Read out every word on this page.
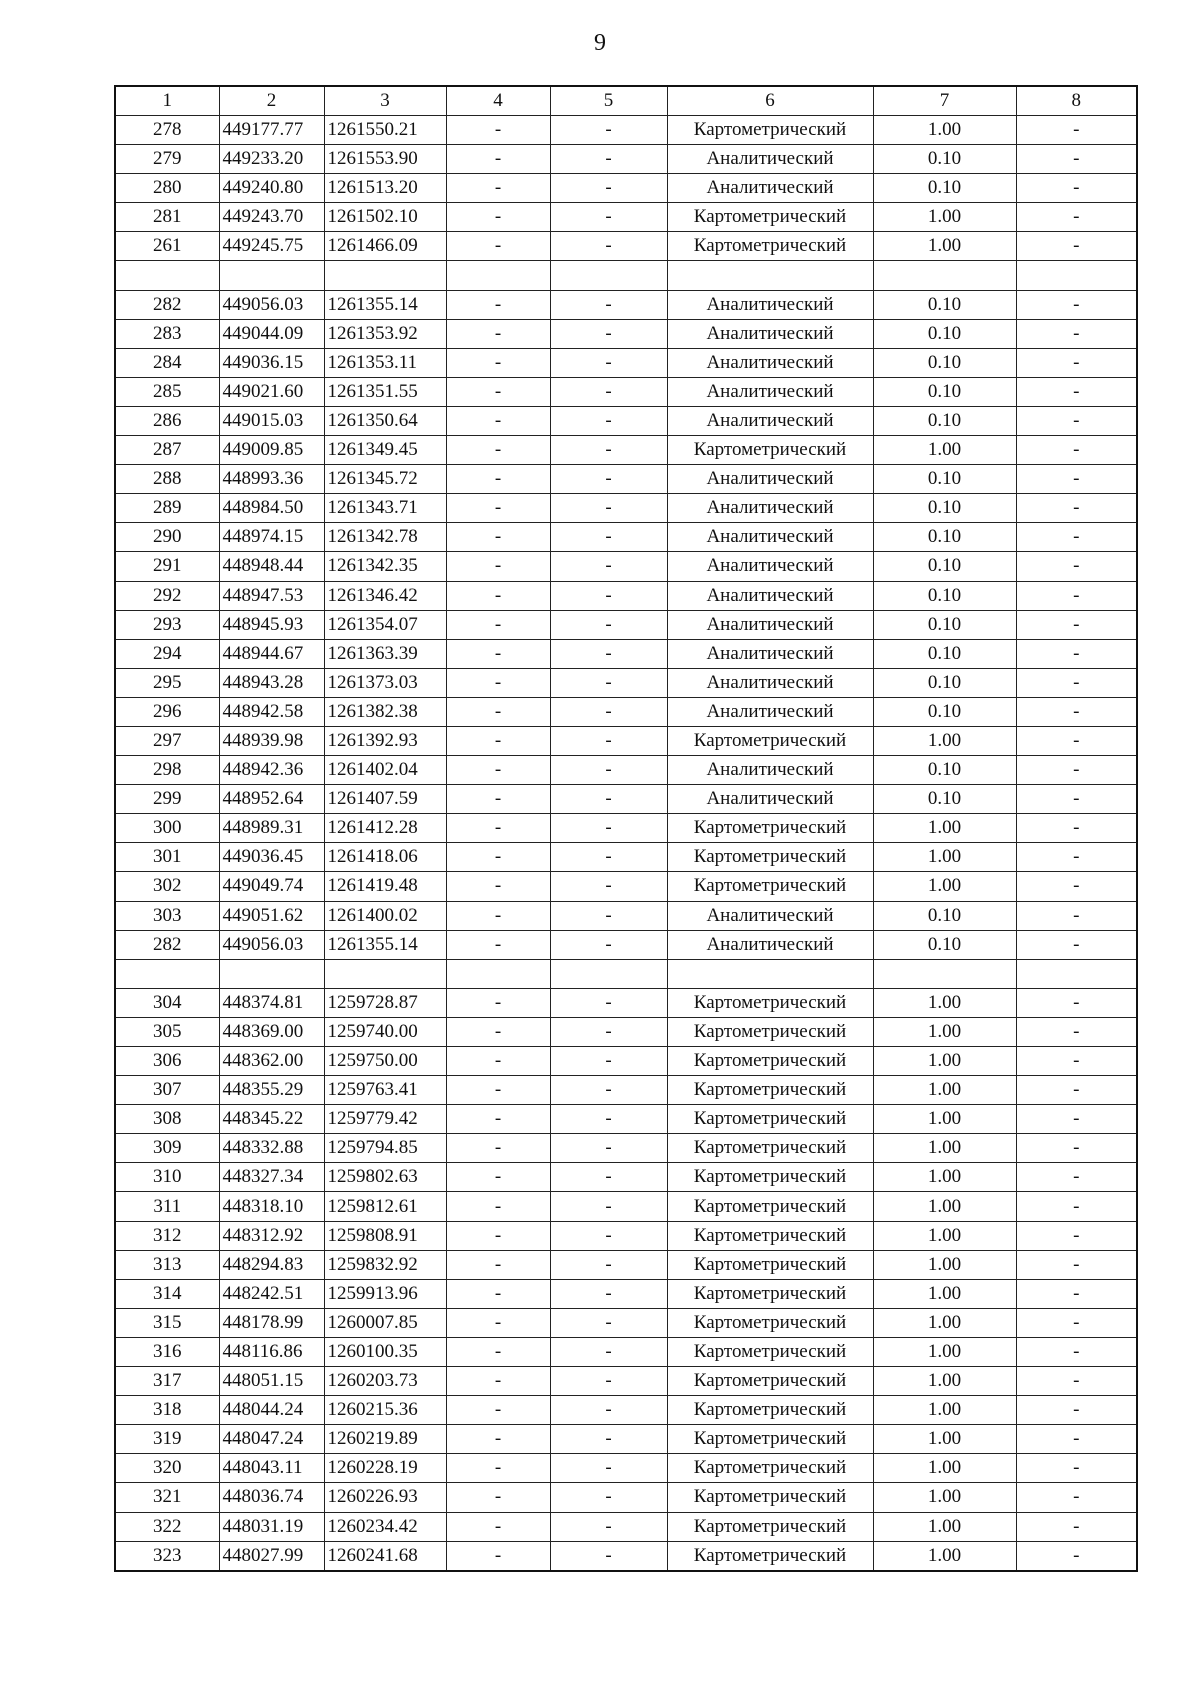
9
1	2	3	4	5	6	7	8
278	449177.77	1261550.21	-	-	Картометрический	1.00	-
279	449233.20	1261553.90	-	-	Аналитический	0.10	-
280	449240.80	1261513.20	-	-	Аналитический	0.10	-
281	449243.70	1261502.10	-	-	Картометрический	1.00	-
261	449245.75	1261466.09	-	-	Картометрический	1.00	-

282	449056.03	1261355.14	-	-	Аналитический	0.10	-
283	449044.09	1261353.92	-	-	Аналитический	0.10	-
284	449036.15	1261353.11	-	-	Аналитический	0.10	-
285	449021.60	1261351.55	-	-	Аналитический	0.10	-
286	449015.03	1261350.64	-	-	Аналитический	0.10	-
287	449009.85	1261349.45	-	-	Картометрический	1.00	-
288	448993.36	1261345.72	-	-	Аналитический	0.10	-
289	448984.50	1261343.71	-	-	Аналитический	0.10	-
290	448974.15	1261342.78	-	-	Аналитический	0.10	-
291	448948.44	1261342.35	-	-	Аналитический	0.10	-
292	448947.53	1261346.42	-	-	Аналитический	0.10	-
293	448945.93	1261354.07	-	-	Аналитический	0.10	-
294	448944.67	1261363.39	-	-	Аналитический	0.10	-
295	448943.28	1261373.03	-	-	Аналитический	0.10	-
296	448942.58	1261382.38	-	-	Аналитический	0.10	-
297	448939.98	1261392.93	-	-	Картометрический	1.00	-
298	448942.36	1261402.04	-	-	Аналитический	0.10	-
299	448952.64	1261407.59	-	-	Аналитический	0.10	-
300	448989.31	1261412.28	-	-	Картометрический	1.00	-
301	449036.45	1261418.06	-	-	Картометрический	1.00	-
302	449049.74	1261419.48	-	-	Картометрический	1.00	-
303	449051.62	1261400.02	-	-	Аналитический	0.10	-
282	449056.03	1261355.14	-	-	Аналитический	0.10	-

304	448374.81	1259728.87	-	-	Картометрический	1.00	-
305	448369.00	1259740.00	-	-	Картометрический	1.00	-
306	448362.00	1259750.00	-	-	Картометрический	1.00	-
307	448355.29	1259763.41	-	-	Картометрический	1.00	-
308	448345.22	1259779.42	-	-	Картометрический	1.00	-
309	448332.88	1259794.85	-	-	Картометрический	1.00	-
310	448327.34	1259802.63	-	-	Картометрический	1.00	-
311	448318.10	1259812.61	-	-	Картометрический	1.00	-
312	448312.92	1259808.91	-	-	Картометрический	1.00	-
313	448294.83	1259832.92	-	-	Картометрический	1.00	-
314	448242.51	1259913.96	-	-	Картометрический	1.00	-
315	448178.99	1260007.85	-	-	Картометрический	1.00	-
316	448116.86	1260100.35	-	-	Картометрический	1.00	-
317	448051.15	1260203.73	-	-	Картометрический	1.00	-
318	448044.24	1260215.36	-	-	Картометрический	1.00	-
319	448047.24	1260219.89	-	-	Картометрический	1.00	-
320	448043.11	1260228.19	-	-	Картометрический	1.00	-
321	448036.74	1260226.93	-	-	Картометрический	1.00	-
322	448031.19	1260234.42	-	-	Картометрический	1.00	-
323	448027.99	1260241.68	-	-	Картометрический	1.00	-
